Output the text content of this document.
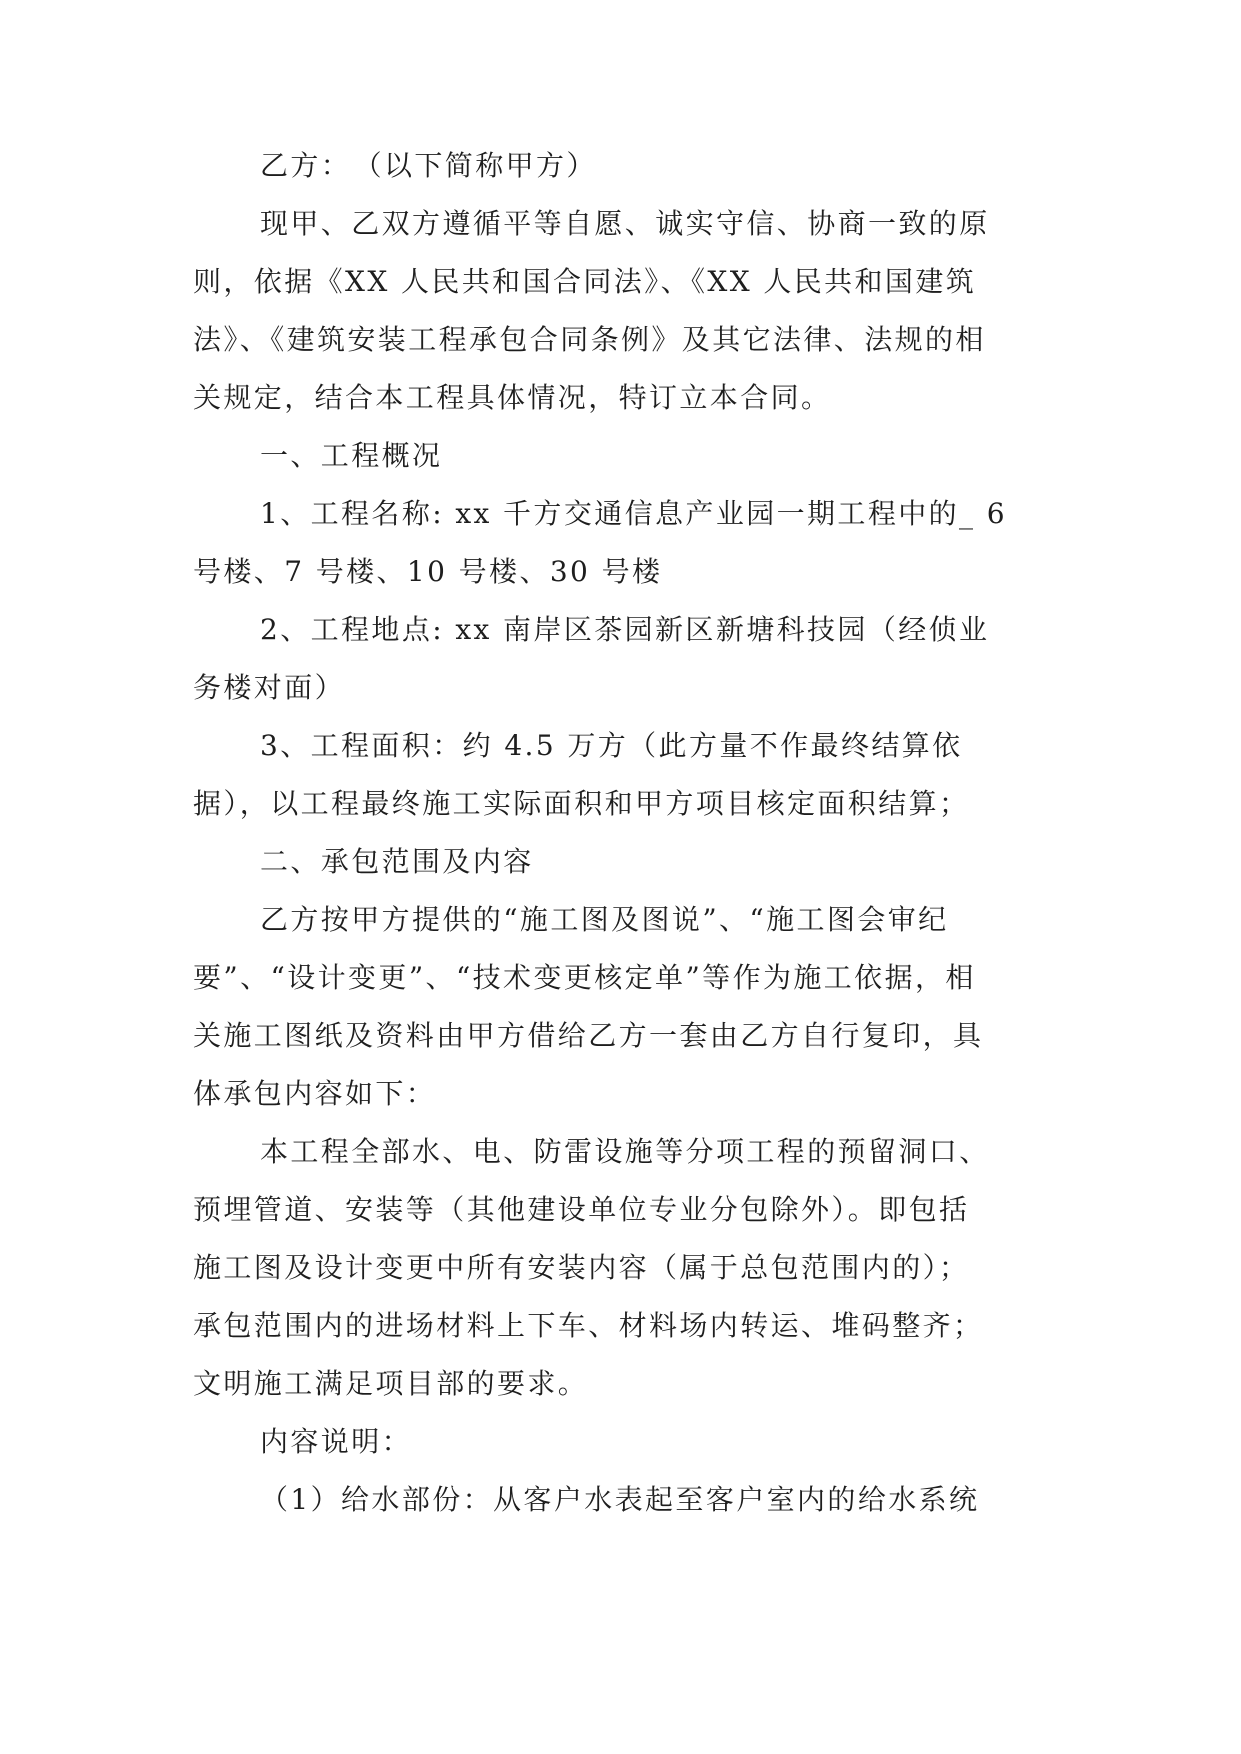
乙方：　（以下简称甲方）
现甲、乙双方遵循平等自愿、诚实守信、协商一致的原
则，依据《XX 人民共和国合同法》、《XX 人民共和国建筑
法》、《建筑安装工程承包合同条例》及其它法律、法规的相
关规定，结合本工程具体情况，特订立本合同。
一、工程概况
1、工程名称: xx 千方交通信息产业园一期工程中的_ 6
号楼、7 号楼、10 号楼、30 号楼
2、工程地点: xx 南岸区茶园新区新塘科技园（经侦业
务楼对面）
3、工程面积：约 4.5 万方（此方量不作最终结算依
据），以工程最终施工实际面积和甲方项目核定面积结算；
二、承包范围及内容
乙方按甲方提供的“施工图及图说”、“施工图会审纪
要”、“设计变更”、“技术变更核定单”等作为施工依据，相
关施工图纸及资料由甲方借给乙方一套由乙方自行复印，具
体承包内容如下：
本工程全部水、电、防雷设施等分项工程的预留洞口、
预埋管道、安装等（其他建设单位专业分包除外）。即包括
施工图及设计变更中所有安装内容（属于总包范围内的）；
承包范围内的进场材料上下车、材料场内转运、堆码整齐；
文明施工满足项目部的要求。
内容说明：
（1）给水部份：从客户水表起至客户室内的给水系统
